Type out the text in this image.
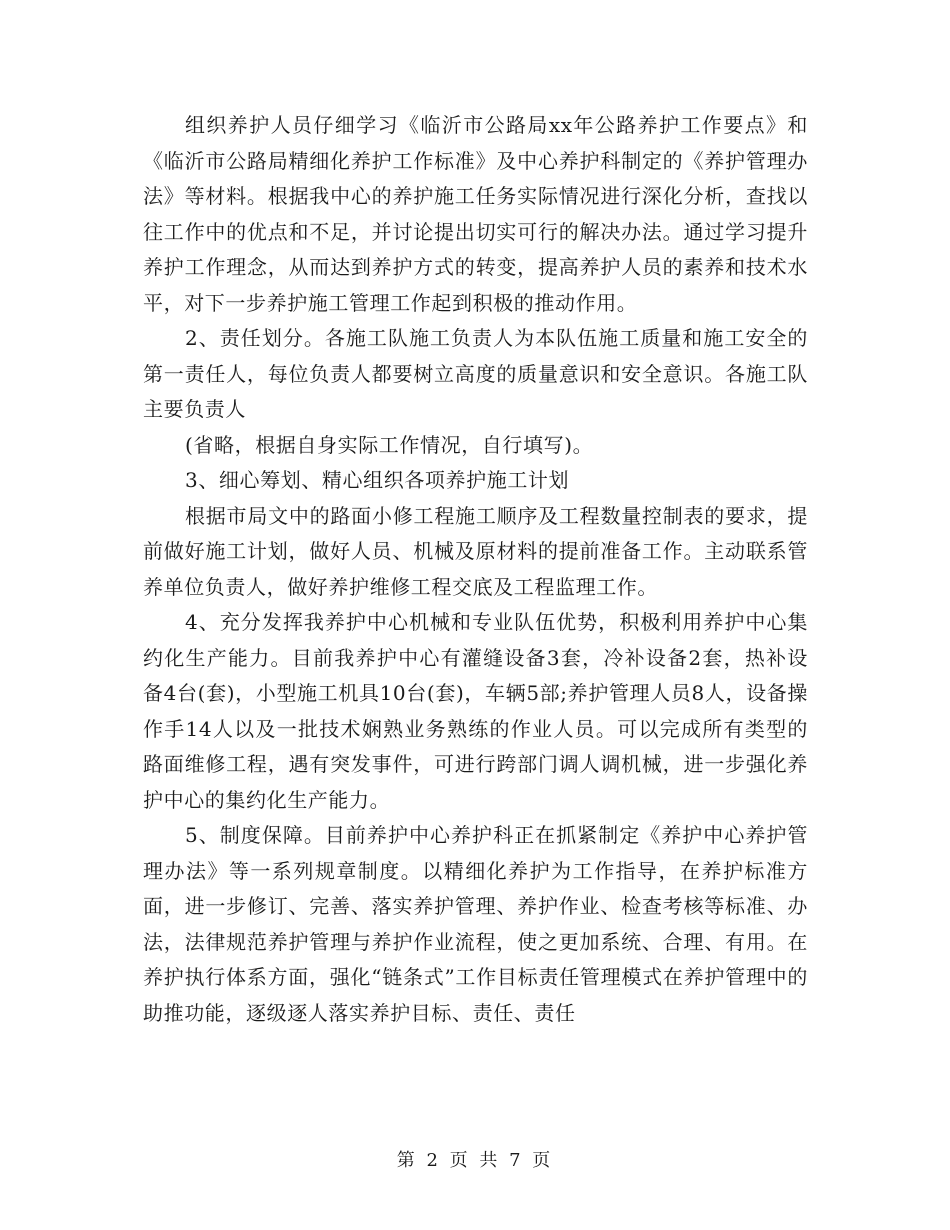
组织养护人员仔细学习《临沂市公路局xx年公路养护工作要点》和《临沂市公路局精细化养护工作标准》及中心养护科制定的《养护管理办法》等材料。根据我中心的养护施工任务实际情况进行深化分析，查找以往工作中的优点和不足，并讨论提出切实可行的解决办法。通过学习提升养护工作理念，从而达到养护方式的转变，提高养护人员的素养和技术水平，对下一步养护施工管理工作起到积极的推动作用。

2、责任划分。各施工队施工负责人为本队伍施工质量和施工安全的第一责任人，每位负责人都要树立高度的质量意识和安全意识。各施工队主要负责人

(省略，根据自身实际工作情况，自行填写)。

3、细心筹划、精心组织各项养护施工计划

根据市局文中的路面小修工程施工顺序及工程数量控制表的要求，提前做好施工计划，做好人员、机械及原材料的提前准备工作。主动联系管养单位负责人，做好养护维修工程交底及工程监理工作。

4、充分发挥我养护中心机械和专业队伍优势，积极利用养护中心集约化生产能力。目前我养护中心有灌缝设备3套，冷补设备2套，热补设备4台(套)，小型施工机具10台(套)，车辆5部;养护管理人员8人，设备操作手14人以及一批技术娴熟业务熟练的作业人员。可以完成所有类型的路面维修工程，遇有突发事件，可进行跨部门调人调机械，进一步强化养护中心的集约化生产能力。

5、制度保障。目前养护中心养护科正在抓紧制定《养护中心养护管理办法》等一系列规章制度。以精细化养护为工作指导，在养护标准方面，进一步修订、完善、落实养护管理、养护作业、检查考核等标准、办法，法律规范养护管理与养护作业流程，使之更加系统、合理、有用。在养护执行体系方面，强化“链条式”工作目标责任管理模式在养护管理中的助推功能，逐级逐人落实养护目标、责任、责任

第 2 页 共 7 页
